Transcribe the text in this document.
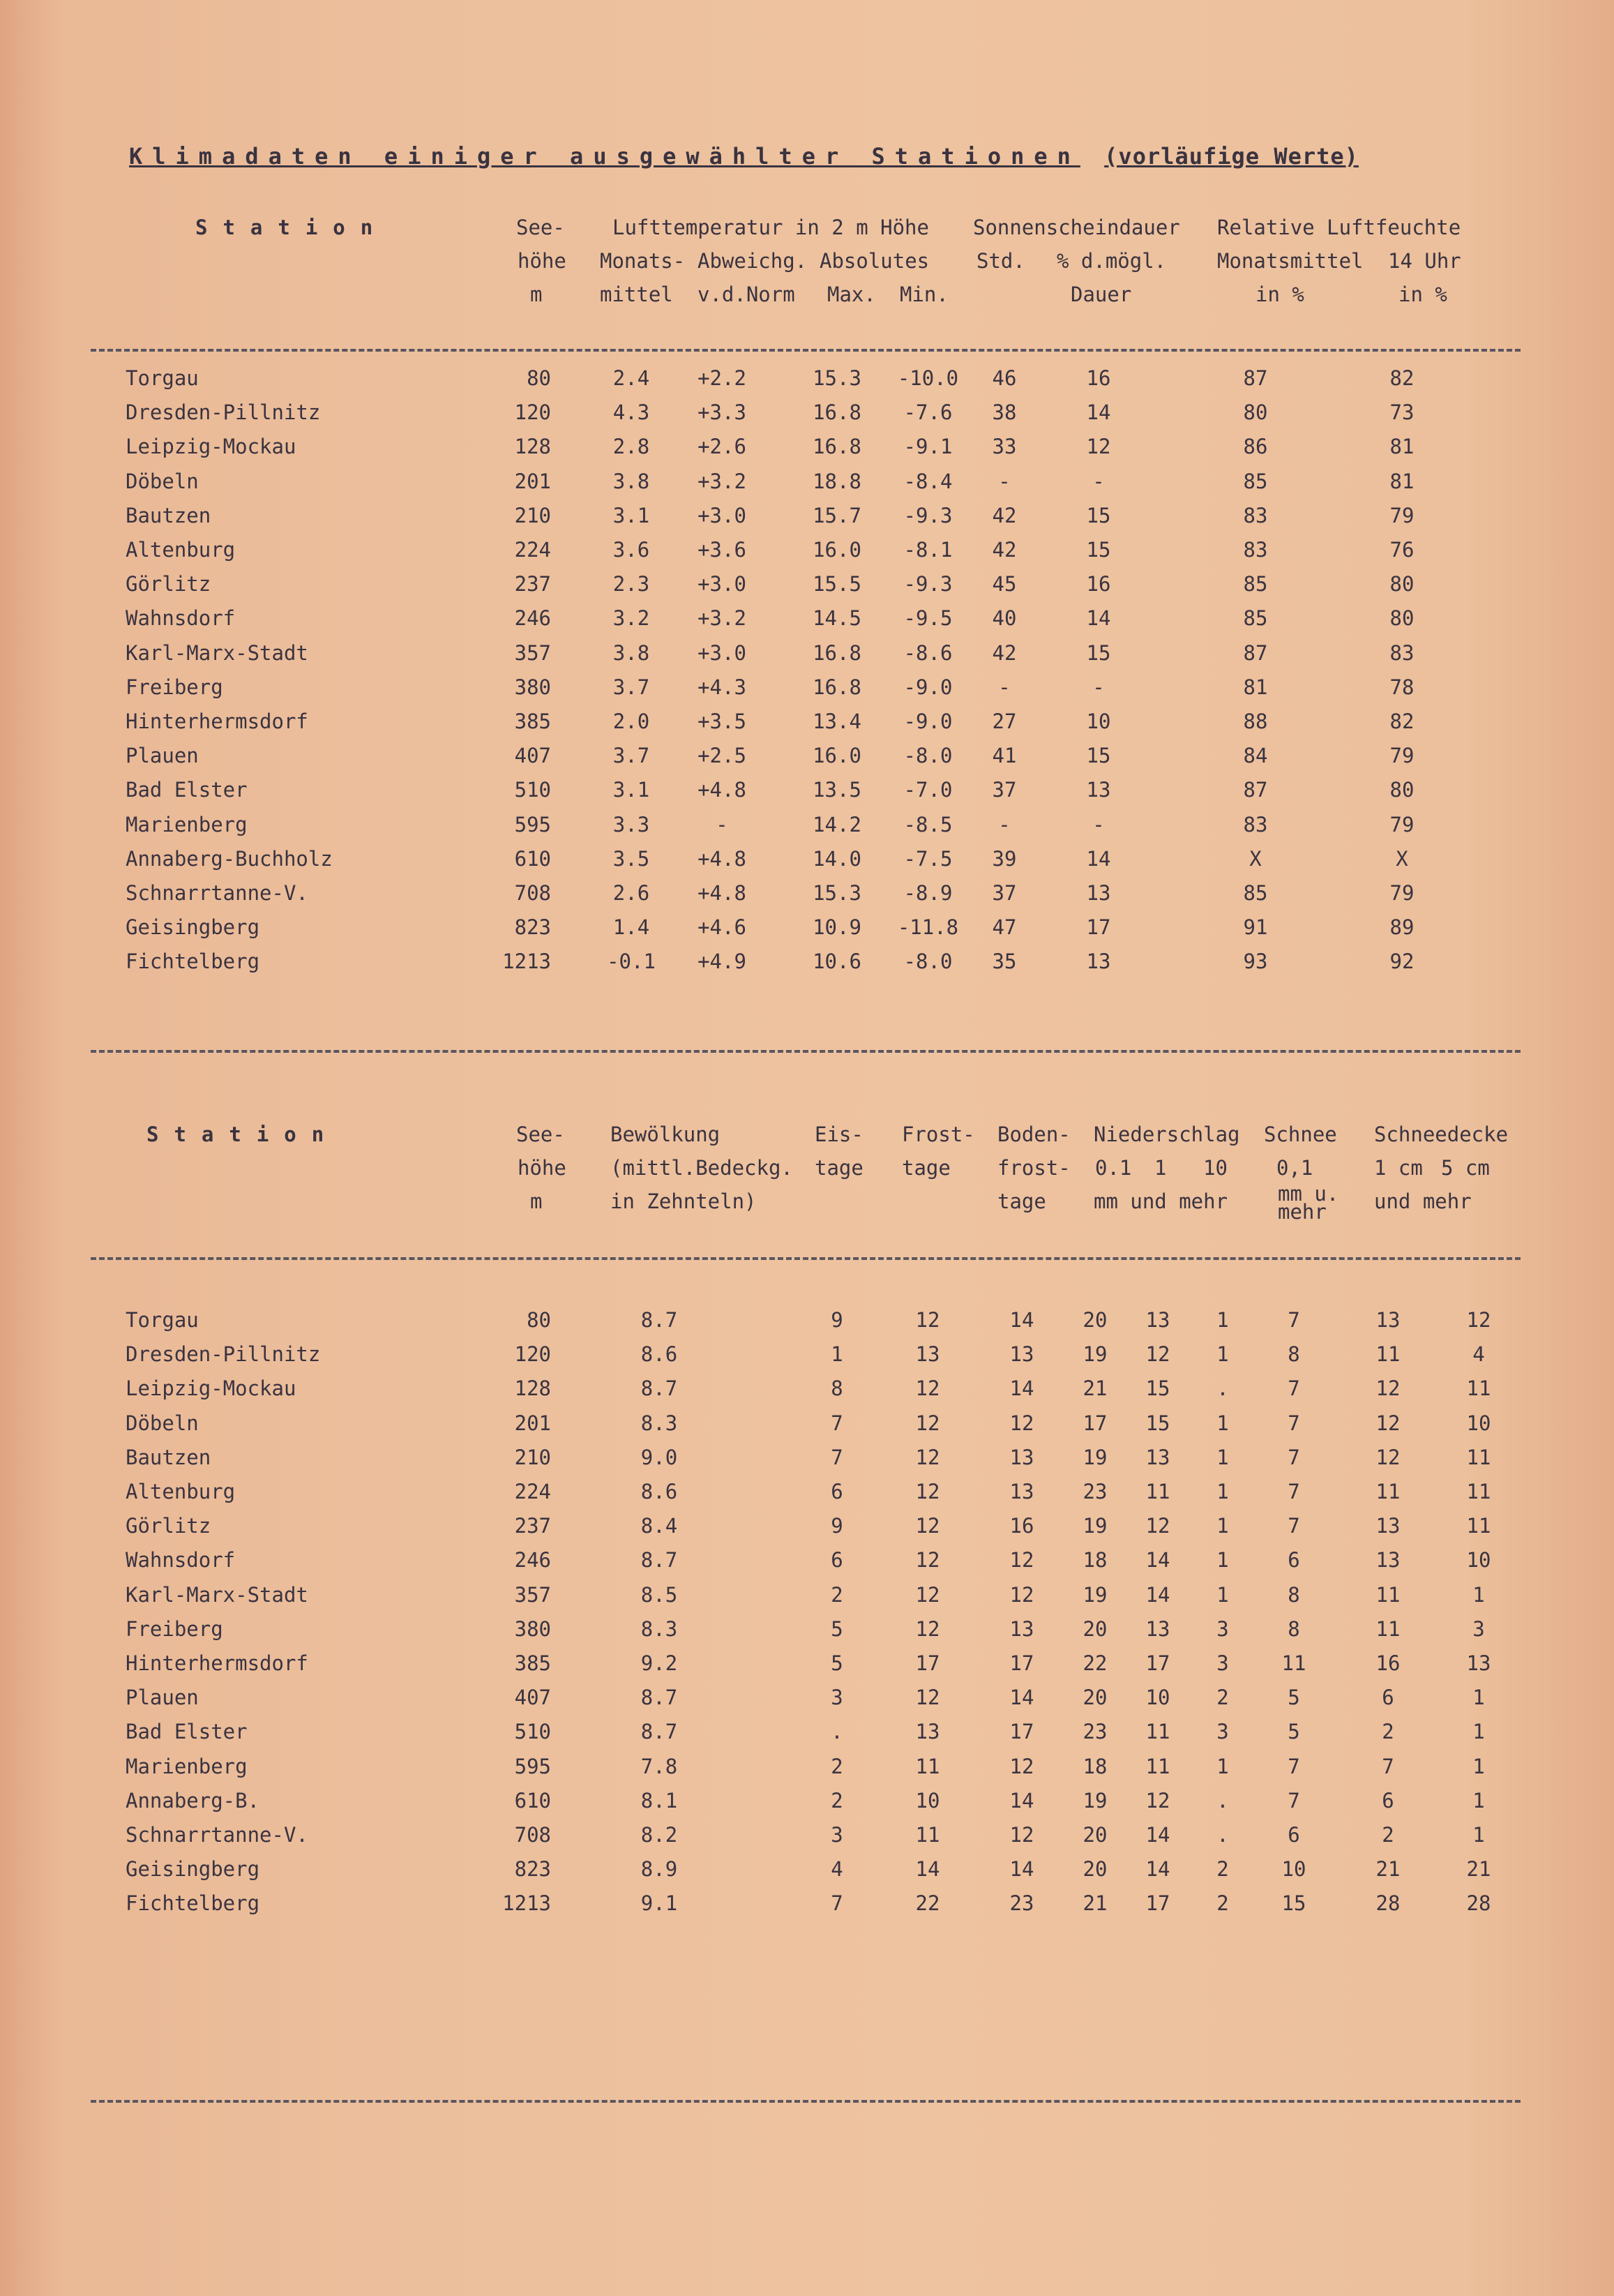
Klimadaten einiger ausgewählter Stationen (vorläufige Werte)
Station	See-
höhe
m
Lufttemperatur in 2 m Höhe
Monats-
mittel
Abweichg.
v.d.Norm
Absolutes
Max. Min.
Sonnenscheindauer
Std. % d.mögl.
Dauer
Relative Luftfeuchte
Monatsmittel
in %
14 Uhr
in %
Torgau	80	2.4	+2.2	15.3	-10.0	46	16	87	82
Dresden-Pillnitz	120	4.3	+3.3	16.8	-7.6	38	14	80	73
Leipzig-Mockau	128	2.8	+2.6	16.8	-9.1	33	12	86	81
Döbeln	201	3.8	+3.2	18.8	-8.4	-	-	85	81
Bautzen	210	3.1	+3.0	15.7	-9.3	42	15	83	79
Altenburg	224	3.6	+3.6	16.0	-8.1	42	15	83	76
Görlitz	237	2.3	+3.0	15.5	-9.3	45	16	85	80
Wahnsdorf	246	3.2	+3.2	14.5	-9.5	40	14	85	80
Karl-Marx-Stadt	357	3.8	+3.0	16.8	-8.6	42	15	87	83
Freiberg	380	3.7	+4.3	16.8	-9.0	-	-	81	78
Hinterhermsdorf	385	2.0	+3.5	13.4	-9.0	27	10	88	82
Plauen	407	3.7	+2.5	16.0	-8.0	41	15	84	79
Bad Elster	510	3.1	+4.8	13.5	-7.0	37	13	87	80
Marienberg	595	3.3	-	14.2	-8.5	-	-	83	79
Annaberg-Buchholz	610	3.5	+4.8	14.0	-7.5	39	14	X	X
Schnarrtanne-V.	708	2.6	+4.8	15.3	-8.9	37	13	85	79
Geisingberg	823	1.4	+4.6	10.9	-11.8	47	17	91	89
Fichtelberg	1213	-0.1	+4.9	10.6	-8.0	35	13	93	92
Station	See-
höhe
m
Bewölkung
(mittl.Bedeckg.
in Zehnteln)
Eis-
tage
Frost-
tage
Boden-
frost-
tage
Niederschlag
0.1 1 10
mm und mehr
Schnee
0,1
mm u.
mehr
Schneedecke
1 cm 5 cm
und mehr
Torgau	80	8.7	9	12	14	20	13	1	7	13	12
Dresden-Pillnitz	120	8.6	1	13	13	19	12	1	8	11	4
Leipzig-Mockau	128	8.7	8	12	14	21	15	.	7	12	11
Döbeln	201	8.3	7	12	12	17	15	1	7	12	10
Bautzen	210	9.0	7	12	13	19	13	1	7	12	11
Altenburg	224	8.6	6	12	13	23	11	1	7	11	11
Görlitz	237	8.4	9	12	16	19	12	1	7	13	11
Wahnsdorf	246	8.7	6	12	12	18	14	1	6	13	10
Karl-Marx-Stadt	357	8.5	2	12	12	19	14	1	8	11	1
Freiberg	380	8.3	5	12	13	20	13	3	8	11	3
Hinterhermsdorf	385	9.2	5	17	17	22	17	3	11	16	13
Plauen	407	8.7	3	12	14	20	10	2	5	6	1
Bad Elster	510	8.7	.	13	17	23	11	3	5	2	1
Marienberg	595	7.8	2	11	12	18	11	1	7	7	1
Annaberg-B.	610	8.1	2	10	14	19	12	.	7	6	1
Schnarrtanne-V.	708	8.2	3	11	12	20	14	.	6	2	1
Geisingberg	823	8.9	4	14	14	20	14	2	10	21	21
Fichtelberg	1213	9.1	7	22	23	21	17	2	15	28	28
